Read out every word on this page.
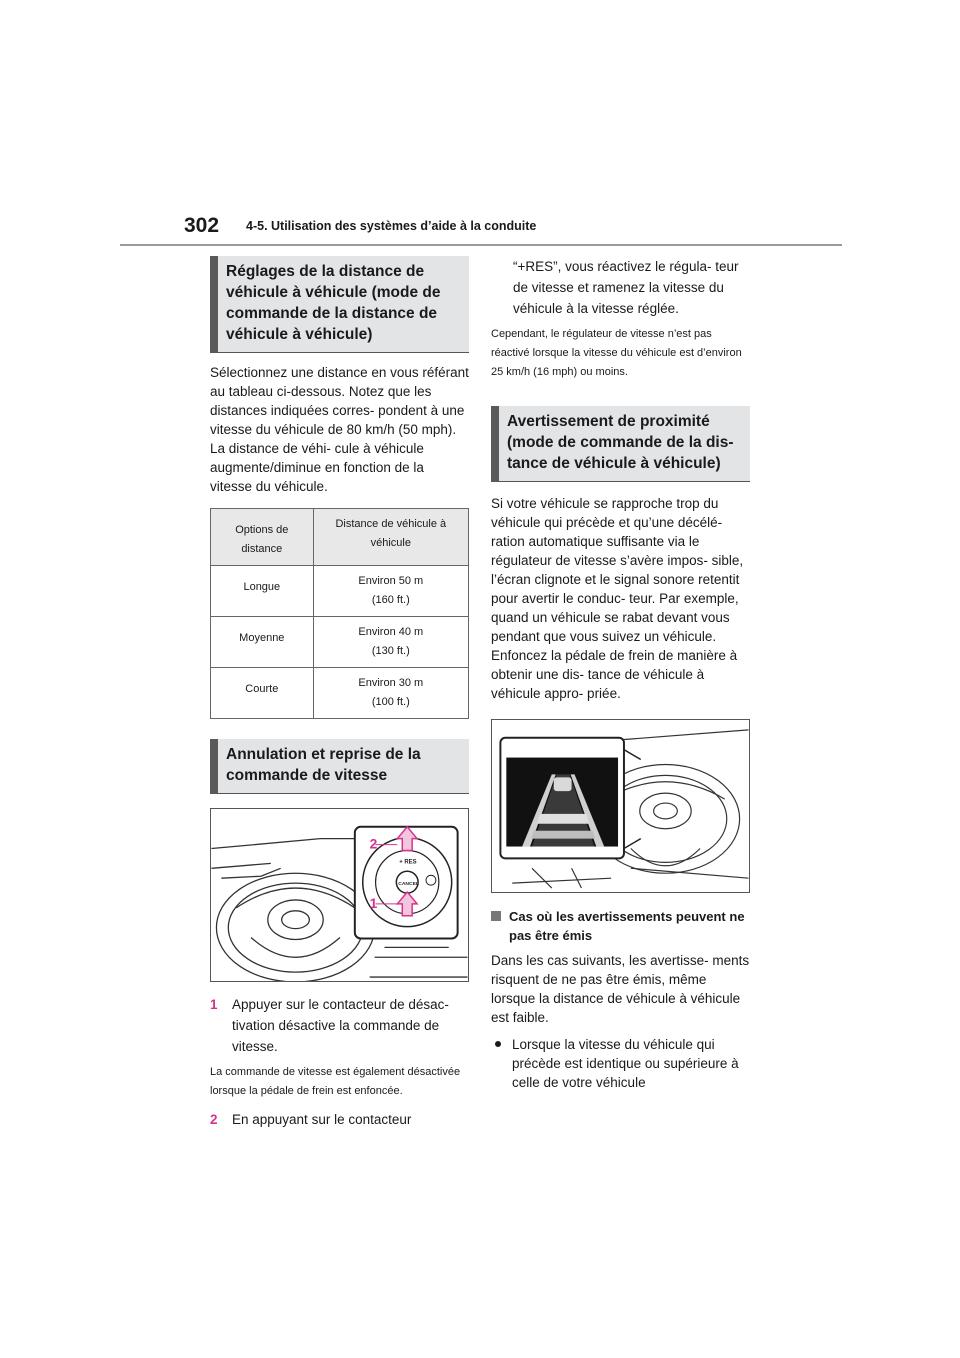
302 4-5. Utilisation des systèmes d’aide à la conduite
Réglages de la distance de véhicule à véhicule (mode de commande de la distance de véhicule à véhicule)

Sélectionnez une distance en vous référant au tableau ci-dessous. Notez que les distances indiquées corres- pondent à une vitesse du véhicule de 80 km/h (50 mph). La distance de véhi- cule à véhicule augmente/diminue en fonction de la vitesse du véhicule.

Options de distance	Distance de véhicule à véhicule
Longue	Environ 50 m
(160 ft.)
Moyenne	Environ 40 m
(130 ft.)
Courte	Environ 30 m
(100 ft.)
Annulation et reprise de la commande de vitesse
2
1
+ RES
CANCEL
1	Appuyer sur le contacteur de désac- tivation désactive la commande de vitesse.

La commande de vitesse est également désactivée lorsque la pédale de frein est enfoncée.

2	En appuyant sur le contacteur
“+RES”, vous réactivez le régula- teur de vitesse et ramenez la vitesse du véhicule à la vitesse réglée.

Cependant, le régulateur de vitesse n’est pas réactivé lorsque la vitesse du véhicule est d’environ 25 km/h (16 mph) ou moins.

Avertissement de proximité (mode de commande de la dis- tance de véhicule à véhicule)

Si votre véhicule se rapproche trop du véhicule qui précède et qu’une décélé- ration automatique suffisante via le régulateur de vitesse s’avère impos- sible, l’écran clignote et le signal sonore retentit pour avertir le conduc- teur. Par exemple, quand un véhicule se rabat devant vous pendant que vous suivez un véhicule. Enfoncez la pédale de frein de manière à obtenir une dis- tance de véhicule à véhicule appro- priée.

Cas où les avertissements peuvent ne pas être émis

Dans les cas suivants, les avertisse- ments risquent de ne pas être émis, même lorsque la distance de véhicule à véhicule est faible.

Lorsque la vitesse du véhicule qui précède est identique ou supérieure à celle de votre véhicule
